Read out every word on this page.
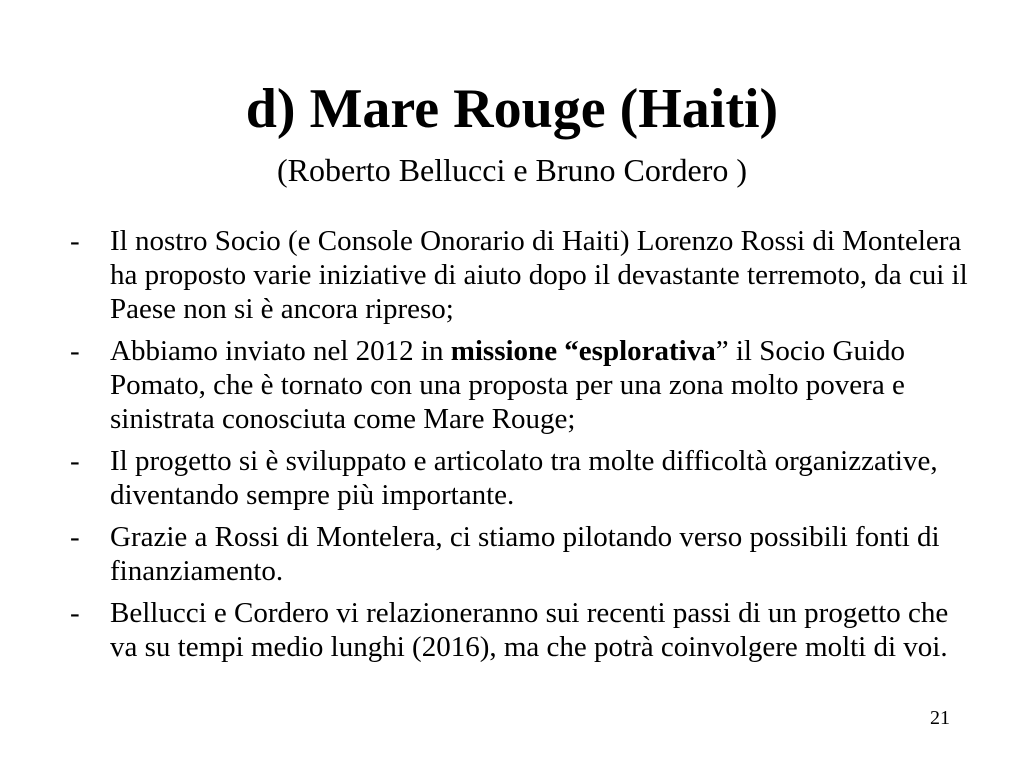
d) Mare Rouge (Haiti)
(Roberto Bellucci e Bruno Cordero )
- Il nostro Socio (e Console Onorario di Haiti) Lorenzo Rossi di Montelera ha proposto varie iniziative di aiuto dopo il devastante terremoto, da cui il Paese non si è ancora ripreso;
- Abbiamo inviato nel 2012 in missione “esplorativa” il Socio Guido Pomato, che è tornato con una proposta per una zona molto povera e sinistrata conosciuta come Mare Rouge;
- Il progetto si è sviluppato e articolato tra molte difficoltà organizzative, diventando sempre più importante.
- Grazie a Rossi di Montelera, ci stiamo pilotando verso possibili fonti di finanziamento.
- Bellucci e Cordero vi relazioneranno sui recenti passi di un progetto che va su tempi medio lunghi (2016), ma che potrà coinvolgere molti di voi.
21
